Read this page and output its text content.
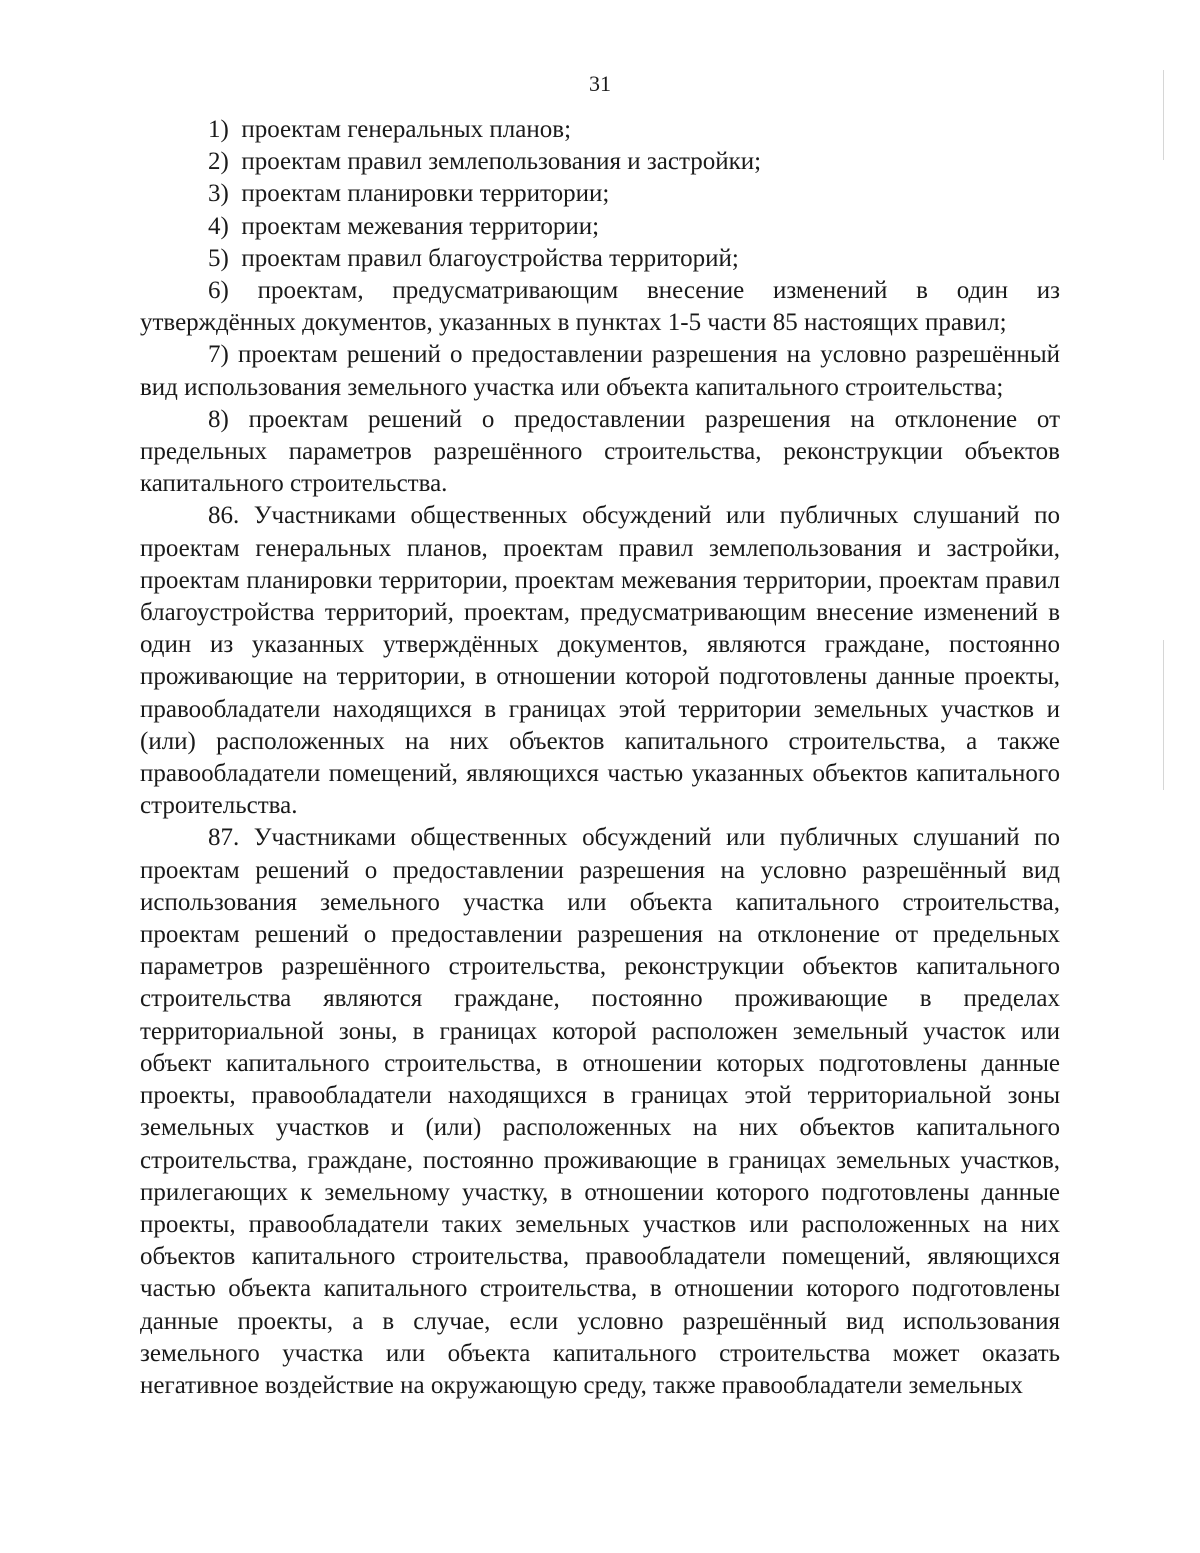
31

1) проектам генеральных планов;

2) проектам правил землепользования и застройки;

3) проектам планировки территории;

4) проектам межевания территории;

5) проектам правил благоустройства территорий;

6) проектам, предусматривающим внесение изменений в один из утверждённых документов, указанных в пунктах 1-5 части 85 настоящих правил;

7) проектам решений о предоставлении разрешения на условно разрешённый вид использования земельного участка или объекта капитального строительства;

8) проектам решений о предоставлении разрешения на отклонение от предельных параметров разрешённого строительства, реконструкции объектов капитального строительства.

86. Участниками общественных обсуждений или публичных слушаний по проектам генеральных планов, проектам правил землепользования и застройки, проектам планировки территории, проектам межевания территории, проектам правил благоустройства территорий, проектам, предусматривающим внесение изменений в один из указанных утверждённых документов, являются граждане, постоянно проживающие на территории, в отношении которой подготовлены данные проекты, правообладатели находящихся в границах этой территории земельных участков и (или) расположенных на них объектов капитального строительства, а также правообладатели помещений, являющихся частью указанных объектов капитального строительства.

87. Участниками общественных обсуждений или публичных слушаний по проектам решений о предоставлении разрешения на условно разрешённый вид использования земельного участка или объекта капитального строительства, проектам решений о предоставлении разрешения на отклонение от предельных параметров разрешённого строительства, реконструкции объектов капитального строительства являются граждане, постоянно проживающие в пределах территориальной зоны, в границах которой расположен земельный участок или объект капитального строительства, в отношении которых подготовлены данные проекты, правообладатели находящихся в границах этой территориальной зоны земельных участков и (или) расположенных на них объектов капитального строительства, граждане, постоянно проживающие в границах земельных участков, прилегающих к земельному участку, в отношении которого подготовлены данные проекты, правообладатели таких земельных участков или расположенных на них объектов капитального строительства, правообладатели помещений, являющихся частью объекта капитального строительства, в отношении которого подготовлены данные проекты, а в случае, если условно разрешённый вид использования земельного участка или объекта капитального строительства может оказать негативное воздействие на окружающую среду, также правообладатели земельных
